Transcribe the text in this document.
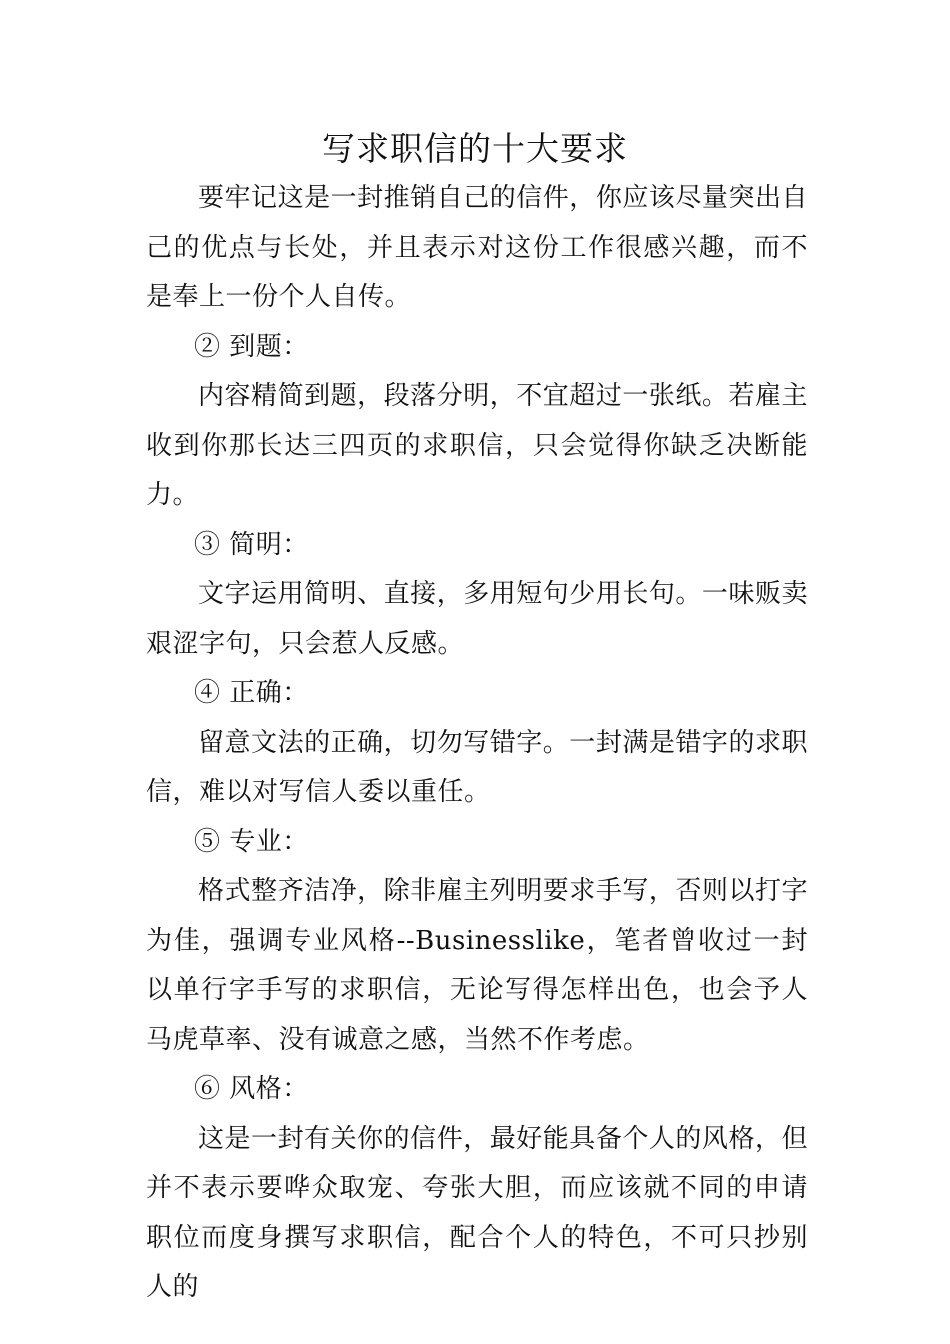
写求职信的十大要求

要牢记这是一封推销自己的信件，你应该尽量突出自己的优点与长处，并且表示对这份工作很感兴趣，而不是奉上一份个人自传。

② 到题：

内容精简到题，段落分明，不宜超过一张纸。若雇主收到你那长达三四页的求职信，只会觉得你缺乏决断能力。

③ 简明：

文字运用简明、直接，多用短句少用长句。一味贩卖艰涩字句，只会惹人反感。

④ 正确：

留意文法的正确，切勿写错字。一封满是错字的求职信，难以对写信人委以重任。

⑤ 专业：

格式整齐洁净，除非雇主列明要求手写，否则以打字为佳，强调专业风格--Businesslike，笔者曾收过一封以单行字手写的求职信，无论写得怎样出色，也会予人马虎草率、没有诚意之感，当然不作考虑。

⑥ 风格：

这是一封有关你的信件，最好能具备个人的风格，但并不表示要哗众取宠、夸张大胆，而应该就不同的申请职位而度身撰写求职信，配合个人的特色，不可只抄别人的
